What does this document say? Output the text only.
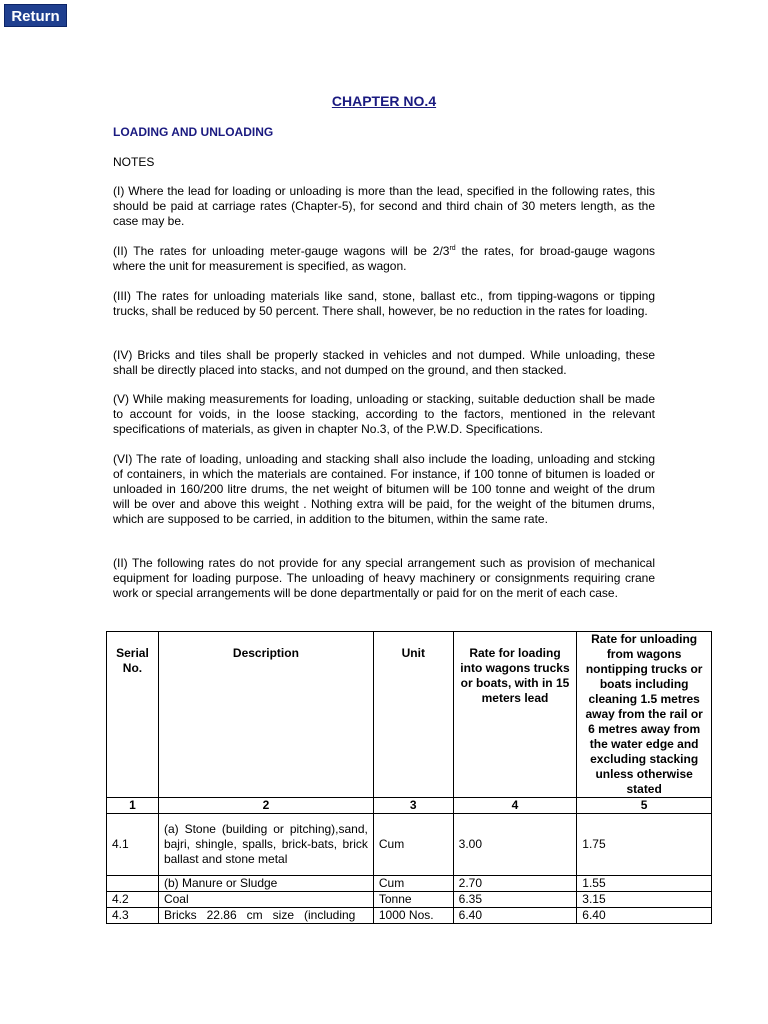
Return
CHAPTER NO.4
LOADING AND UNLOADING
NOTES

(I) Where the lead for loading or unloading is more than the lead, specified in the following rates, this should be paid at carriage rates (Chapter-5), for second and third chain of 30 meters length, as the case may be.

(II) The rates for unloading meter-gauge wagons will be 2/3rd the rates, for broad-gauge wagons where the unit for measurement is specified, as wagon.

(III) The rates for unloading materials like sand, stone, ballast etc., from tipping-wagons or tipping trucks, shall be reduced by 50 percent. There shall, however, be no reduction in the rates for loading.

(IV) Bricks and tiles shall be properly stacked in vehicles and not dumped. While unloading, these shall be directly placed into stacks, and not dumped on the ground, and then stacked.

(V) While making measurements for loading, unloading or stacking, suitable deduction shall be made to account for voids, in the loose stacking, according to the factors, mentioned in the relevant specifications of materials, as given in chapter No.3, of the P.W.D. Specifications.

(VI) The rate of loading, unloading and stacking shall also include the loading, unloading and stcking of containers, in which the materials are contained. For instance, if 100 tonne of bitumen is loaded or unloaded in 160/200 litre drums, the net weight of bitumen will be 100 tonne and weight of the drum will be over and above this weight . Nothing extra will be paid, for the weight of the bitumen drums, which are supposed to be carried, in addition to the bitumen, within the same rate.

(II) The following rates do not provide for any special arrangement such as provision of mechanical equipment for loading purpose. The unloading of heavy machinery or consignments requiring crane work or special arrangements will be done departmentally or paid for on the merit of each case.

Serial No.	Description	Unit	Rate for loading into wagons trucks or boats, with in 15 meters lead	Rate for unloading from wagons nontipping trucks or boats including cleaning 1.5 metres away from the rail or 6 metres away from the water edge and excluding stacking unless otherwise stated
1	2	3	4	5
4.1	(a) Stone (building or pitching),sand, bajri, shingle, spalls, brick-bats, brick ballast and stone metal	Cum	3.00	1.75
	(b) Manure or Sludge	Cum	2.70	1.55
4.2	Coal	Tonne	6.35	3.15
4.3	Bricks   22.86   cm   size   (including	1000 Nos.	6.40	6.40
